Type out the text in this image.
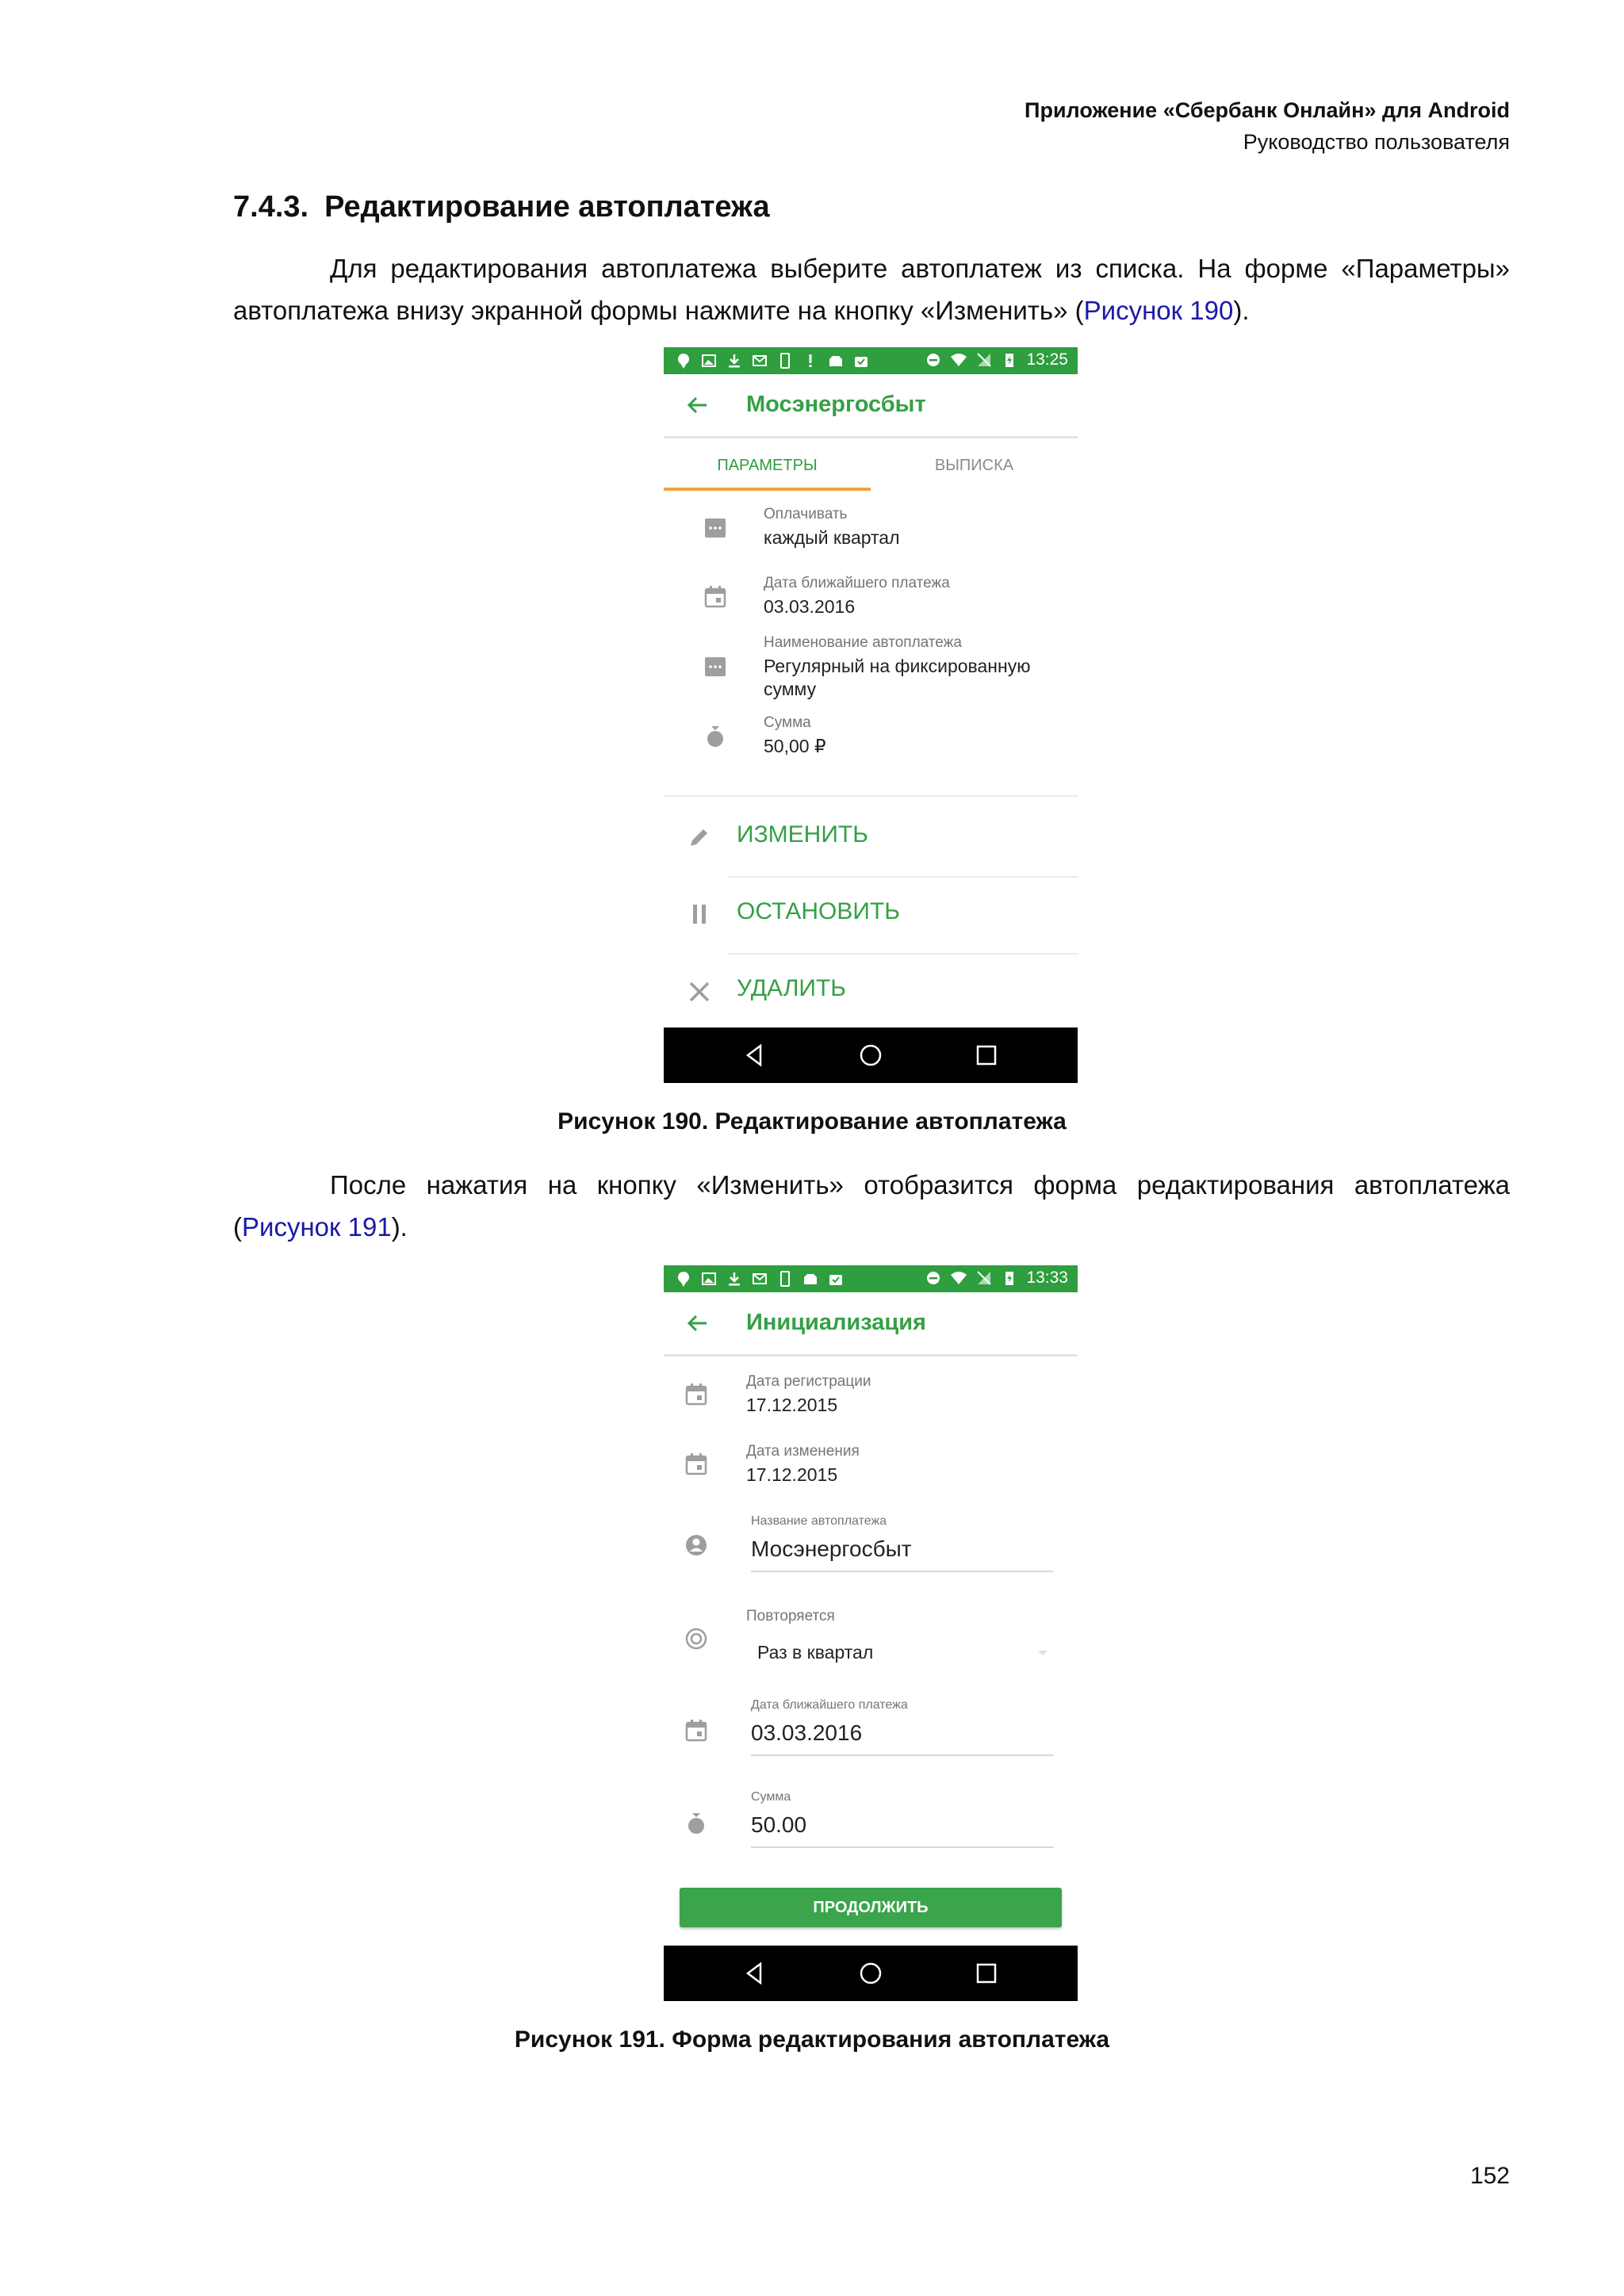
Приложение «Сбербанк Онлайн» для Android
Руководство пользователя
7.4.3. Редактирование автоплатежа
Для редактирования автоплатежа выберите автоплатеж из списка. На форме «Параметры» автоплатежа внизу экранной формы нажмите на кнопку «Изменить» (Рисунок 190).
13:25
Мосэнергосбыт
ПАРАМЕТРЫ	ВЫПИСКА
Оплачивать
каждый квартал
Дата ближайшего платежа
03.03.2016
Наименование автоплатежа
Регулярный на фиксированную сумму
Сумма
50,00 ₽
ИЗМЕНИТЬ
ОСТАНОВИТЬ
УДАЛИТЬ
Рисунок 190. Редактирование автоплатежа
После нажатия на кнопку «Изменить» отобразится форма редактирования автоплатежа (Рисунок 191).
13:33
Инициализация
Дата регистрации
17.12.2015
Дата изменения
17.12.2015
Название автоплатежа
Мосэнергосбыт
Повторяется
Раз в квартал
Дата ближайшего платежа
03.03.2016
Сумма
50.00
ПРОДОЛЖИТЬ
Рисунок 191. Форма редактирования автоплатежа
152
